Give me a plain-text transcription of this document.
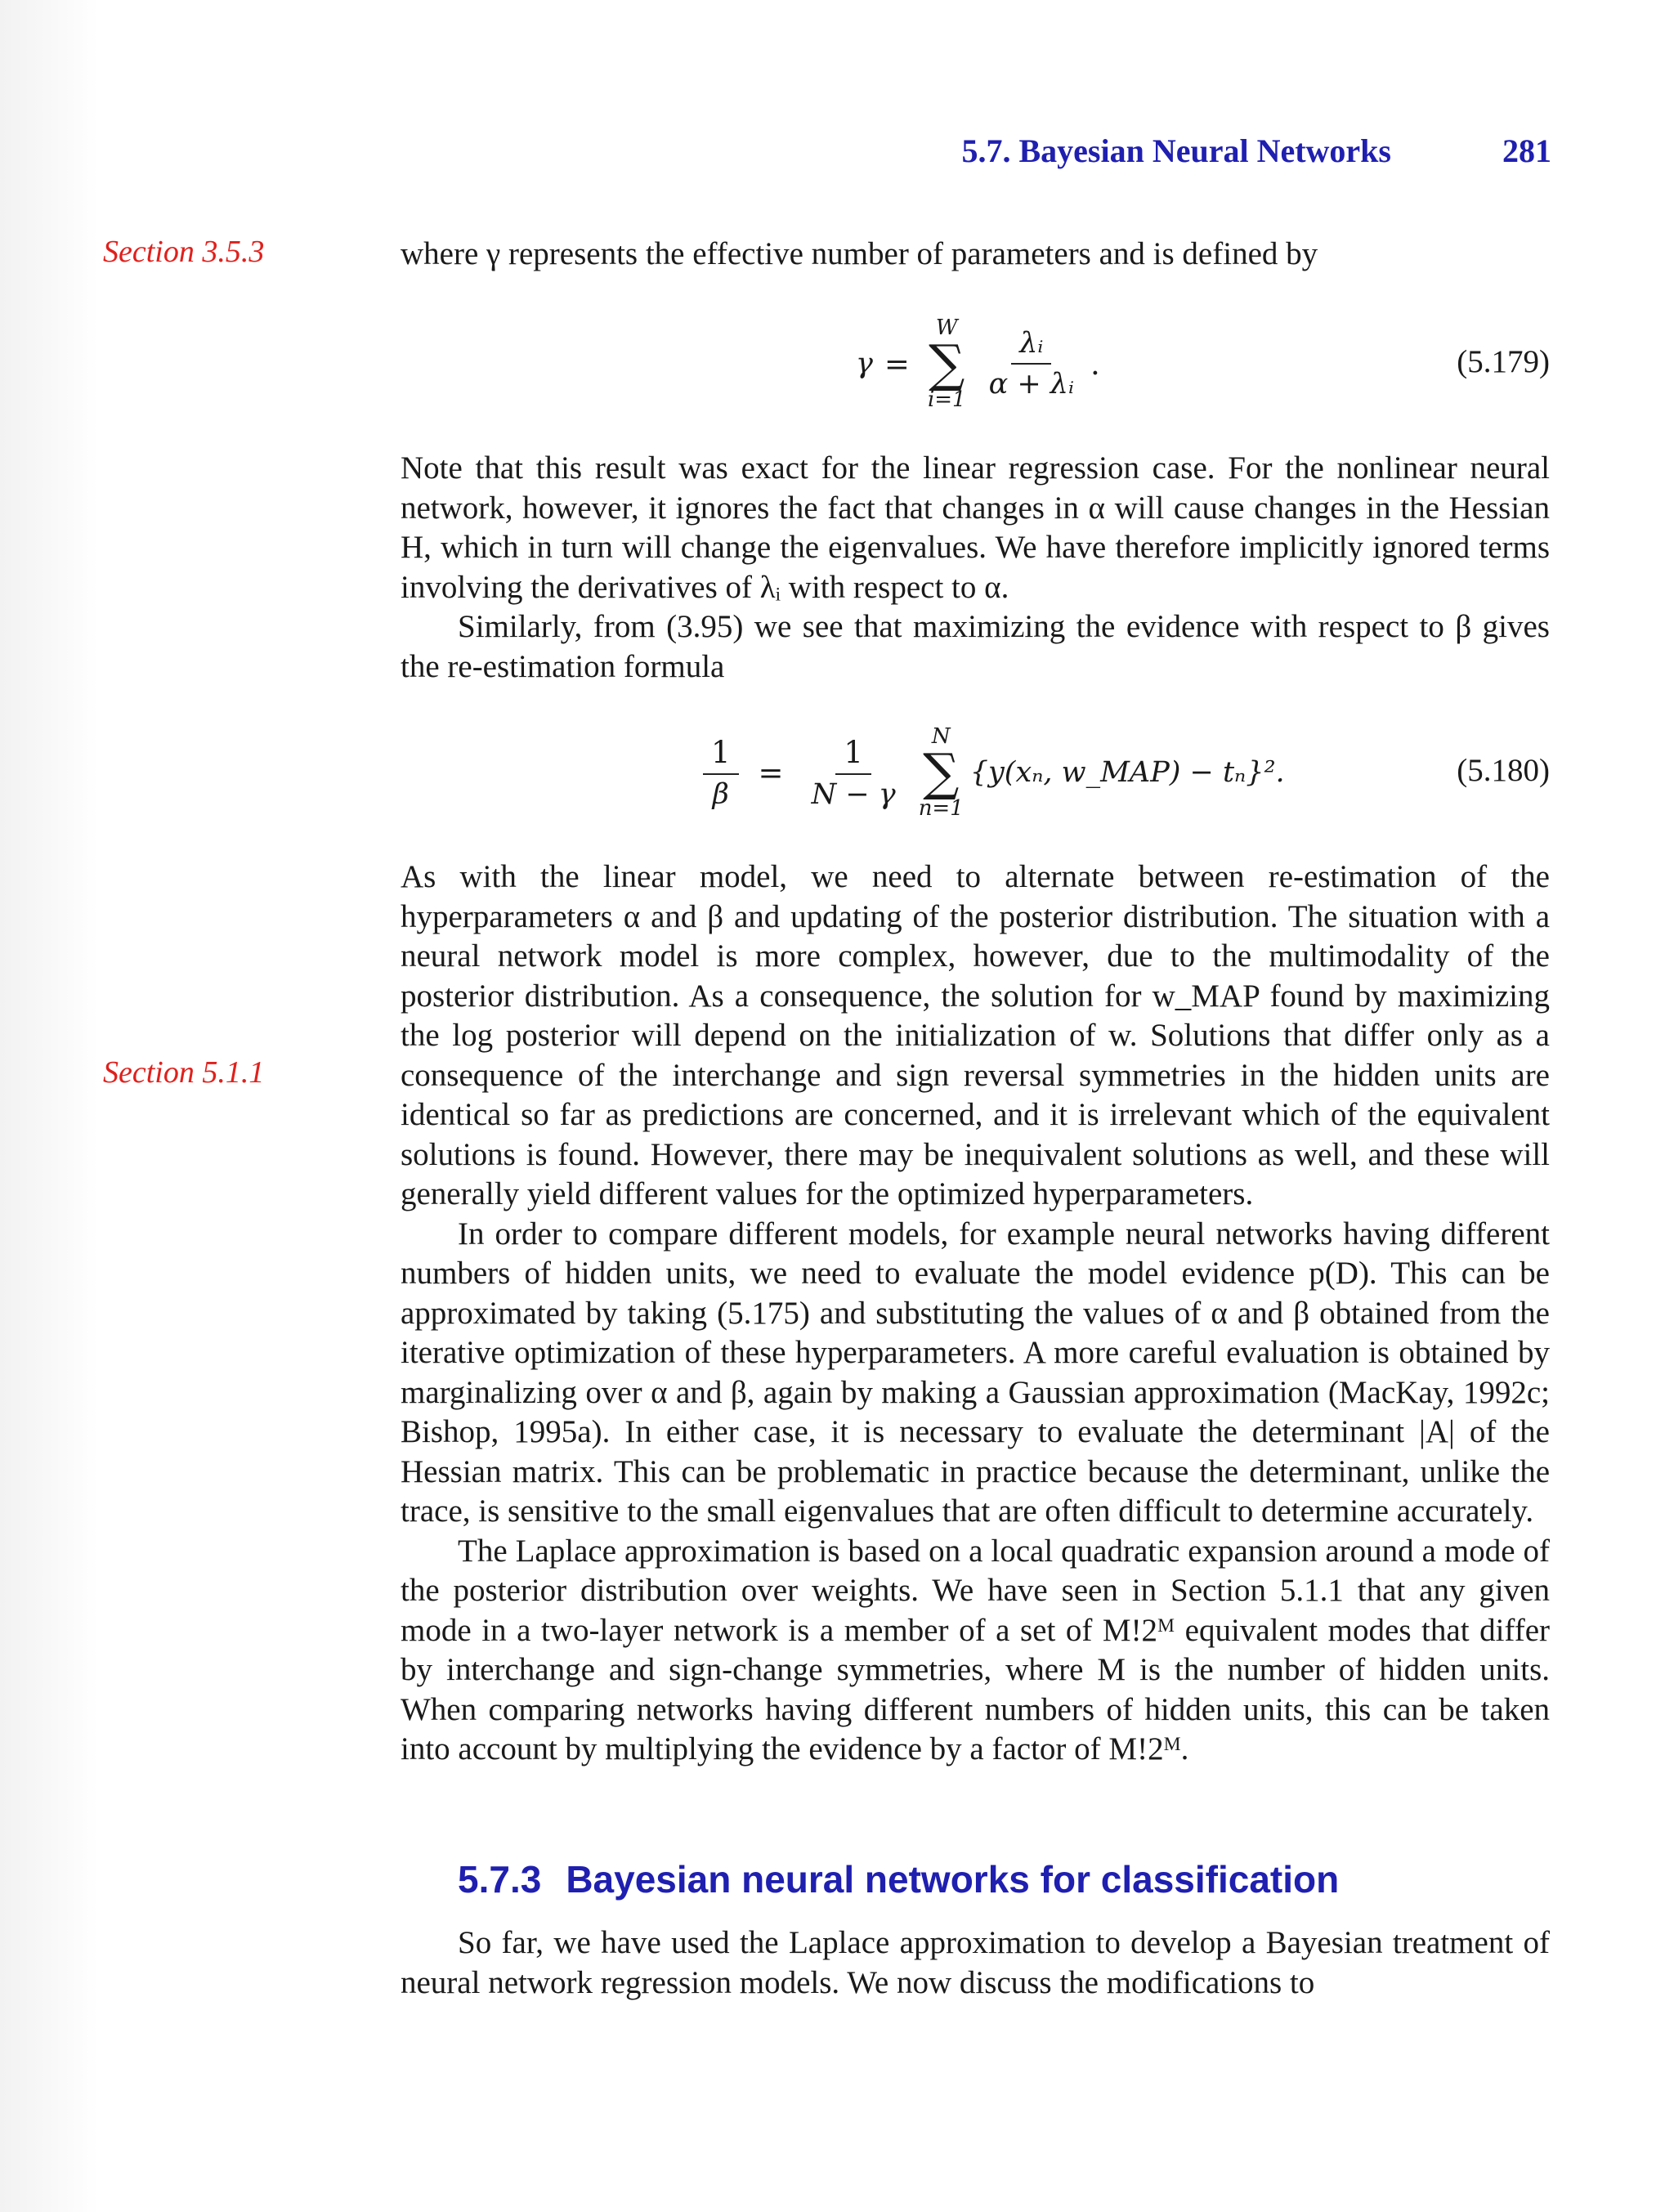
5.7. Bayesian Neural Networks	281
Section 3.5.3
Section 5.1.1

where γ represents the effective number of parameters and is defined by

γ =
W
∑
$i=1 \frac{\text{λᵢ}}{\text{α + λᵢ}}$ .	(5.179)

Note that this result was exact for the linear regression case. For the nonlinear neural network, however, it ignores the fact that changes in α will cause changes in the Hessian H, which in turn will change the eigenvalues. We have therefore implicitly ignored terms involving the derivatives of λᵢ with respect to α.

Similarly, from (3.95) we see that maximizing the evidence with respect to β gives the re-estimation formula

$\frac{1}{\beta} = \frac{1}{N - \gamma}$ N
∑
n=1
{y(xₙ, w_MAP) − tₙ}².	(5.180)

As with the linear model, we need to alternate between re-estimation of the hyperparameters α and β and updating of the posterior distribution. The situation with a neural network model is more complex, however, due to the multimodality of the posterior distribution. As a consequence, the solution for w_MAP found by maximizing the log posterior will depend on the initialization of w. Solutions that differ only as a consequence of the interchange and sign reversal symmetries in the hidden units are identical so far as predictions are concerned, and it is irrelevant which of the equivalent solutions is found. However, there may be inequivalent solutions as well, and these will generally yield different values for the optimized hyperparameters.

In order to compare different models, for example neural networks having different numbers of hidden units, we need to evaluate the model evidence p(D). This can be approximated by taking (5.175) and substituting the values of α and β obtained from the iterative optimization of these hyperparameters. A more careful evaluation is obtained by marginalizing over α and β, again by making a Gaussian approximation (MacKay, 1992c; Bishop, 1995a). In either case, it is necessary to evaluate the determinant |A| of the Hessian matrix. This can be problematic in practice because the determinant, unlike the trace, is sensitive to the small eigenvalues that are often difficult to determine accurately.

The Laplace approximation is based on a local quadratic expansion around a mode of the posterior distribution over weights. We have seen in Section 5.1.1 that any given mode in a two-layer network is a member of a set of M!2ᴹ equivalent modes that differ by interchange and sign-change symmetries, where M is the number of hidden units. When comparing networks having different numbers of hidden units, this can be taken into account by multiplying the evidence by a factor of M!2ᴹ.

5.7.3 Bayesian neural networks for classification

So far, we have used the Laplace approximation to develop a Bayesian treatment of neural network regression models. We now discuss the modifications to
